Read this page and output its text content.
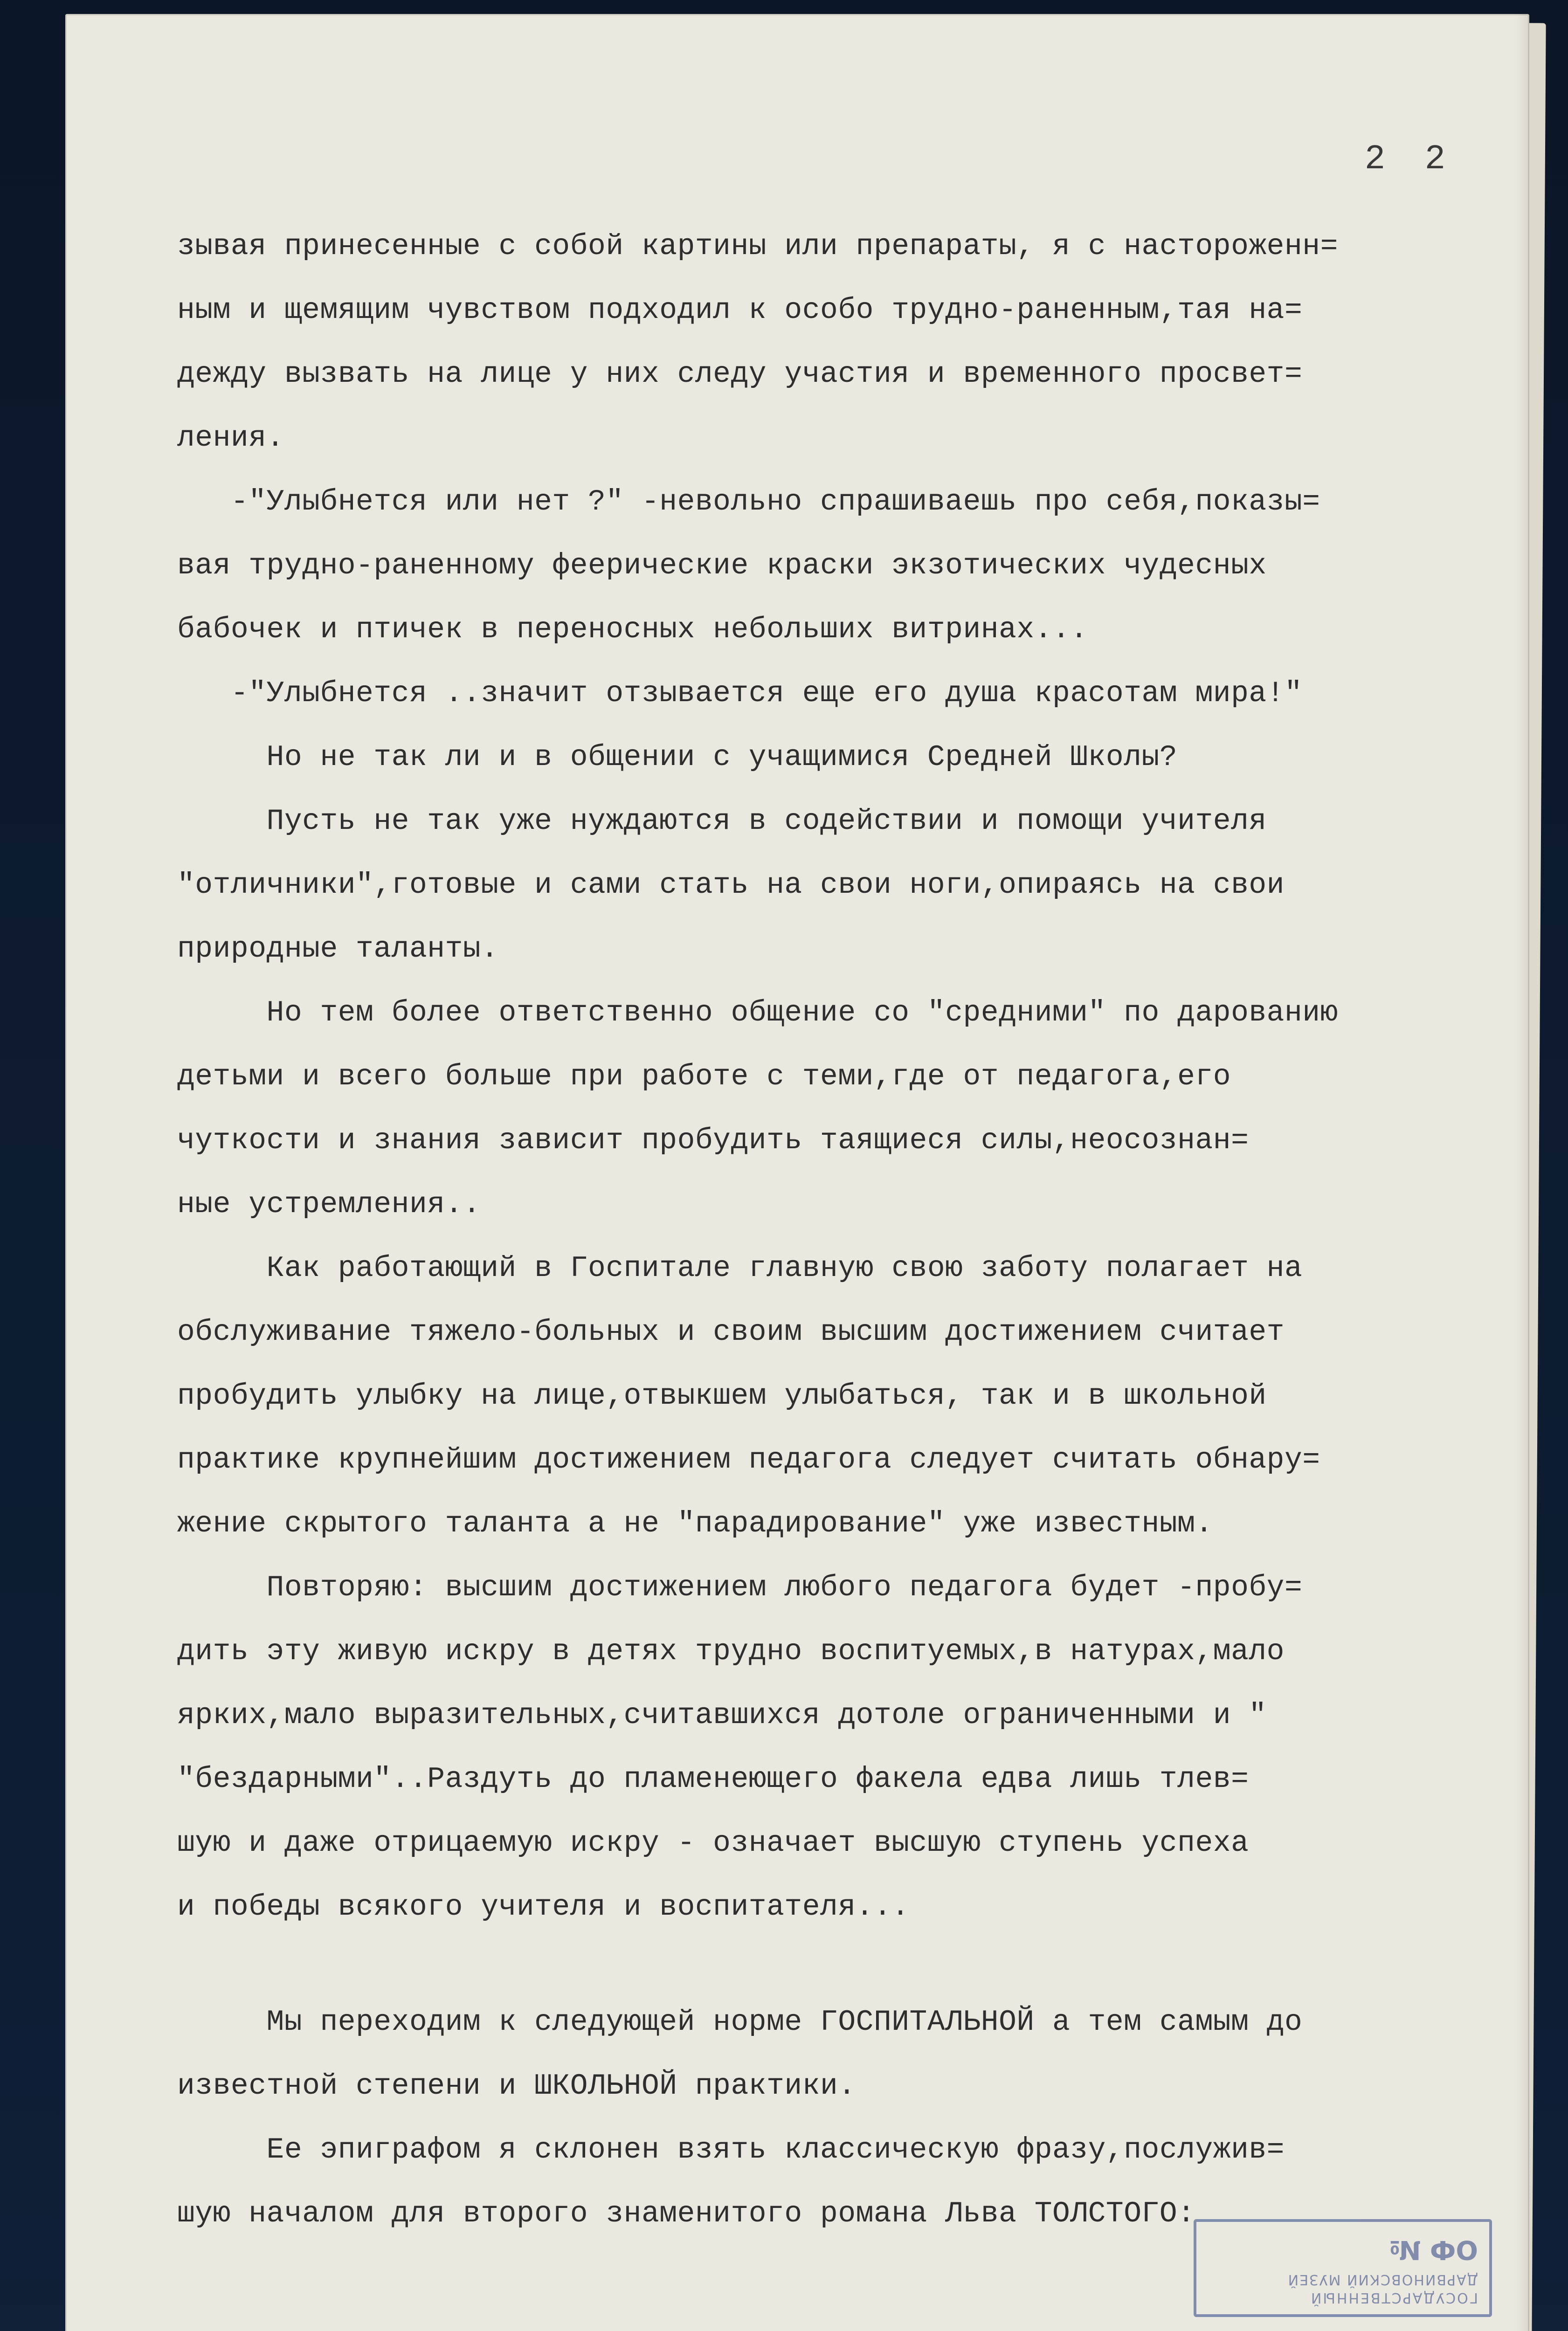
2 2
зывая принесенные с собой картины или препараты, я с настороженн=
ным и щемящим чувством подходил к особо трудно-раненным,тая на=
дежду вызвать на лице у них следу участия и временного просвет=
ления.
-"Улыбнется или нет ?" -невольно спрашиваешь про себя,показы=
вая трудно-раненному феерические краски экзотических чудесных
бабочек и птичек в переносных небольших витринах...
-"Улыбнется ..значит отзывается еще его душа красотам мира!"
Но не так ли и в общении с учащимися Средней Школы?
Пусть не так уже нуждаются в содействии и помощи учителя
"отличники",готовые и сами стать на свои ноги,опираясь на свои
природные таланты.
Но тем более ответственно общение со "средними" по дарованию
детьми и всего больше при работе с теми,где от педагога,его
чуткости и знания зависит пробудить таящиеся силы,неосознан=
ные устремления..
Как работающий в Госпитале главную свою заботу полагает на
обслуживание тяжело-больных и своим высшим достижением считает
пробудить улыбку на лице,отвыкшем улыбаться, так и в школьной
практике крупнейшим достижением педагога следует считать обнару=
жение скрытого таланта а не "парадирование" уже известным.
Повторяю: высшим достижением любого педагога будет -пробу=
дить эту живую искру в детях трудно воспитуемых,в натурах,мало
ярких,мало выразительных,считавшихся дотоле ограниченными и "
"бездарными"..Раздуть до пламенеющего факела едва лишь тлев=
шую и даже отрицаемую искру - означает высшую ступень успеха
и победы всякого учителя и воспитателя...
Мы переходим к следующей норме ГОСПИТАЛЬНОЙ а тем самым до
известной степени и ШКОЛЬНОЙ практики.
Ее эпиграфом я склонен взять классическую фразу,послужив=
шую началом для второго знаменитого романа Льва ТОЛСТОГО:
ГОСУДАРСТВЕННЫЙ
ДАРВИНОВСКИЙ МУЗЕЙ
ОФ №
